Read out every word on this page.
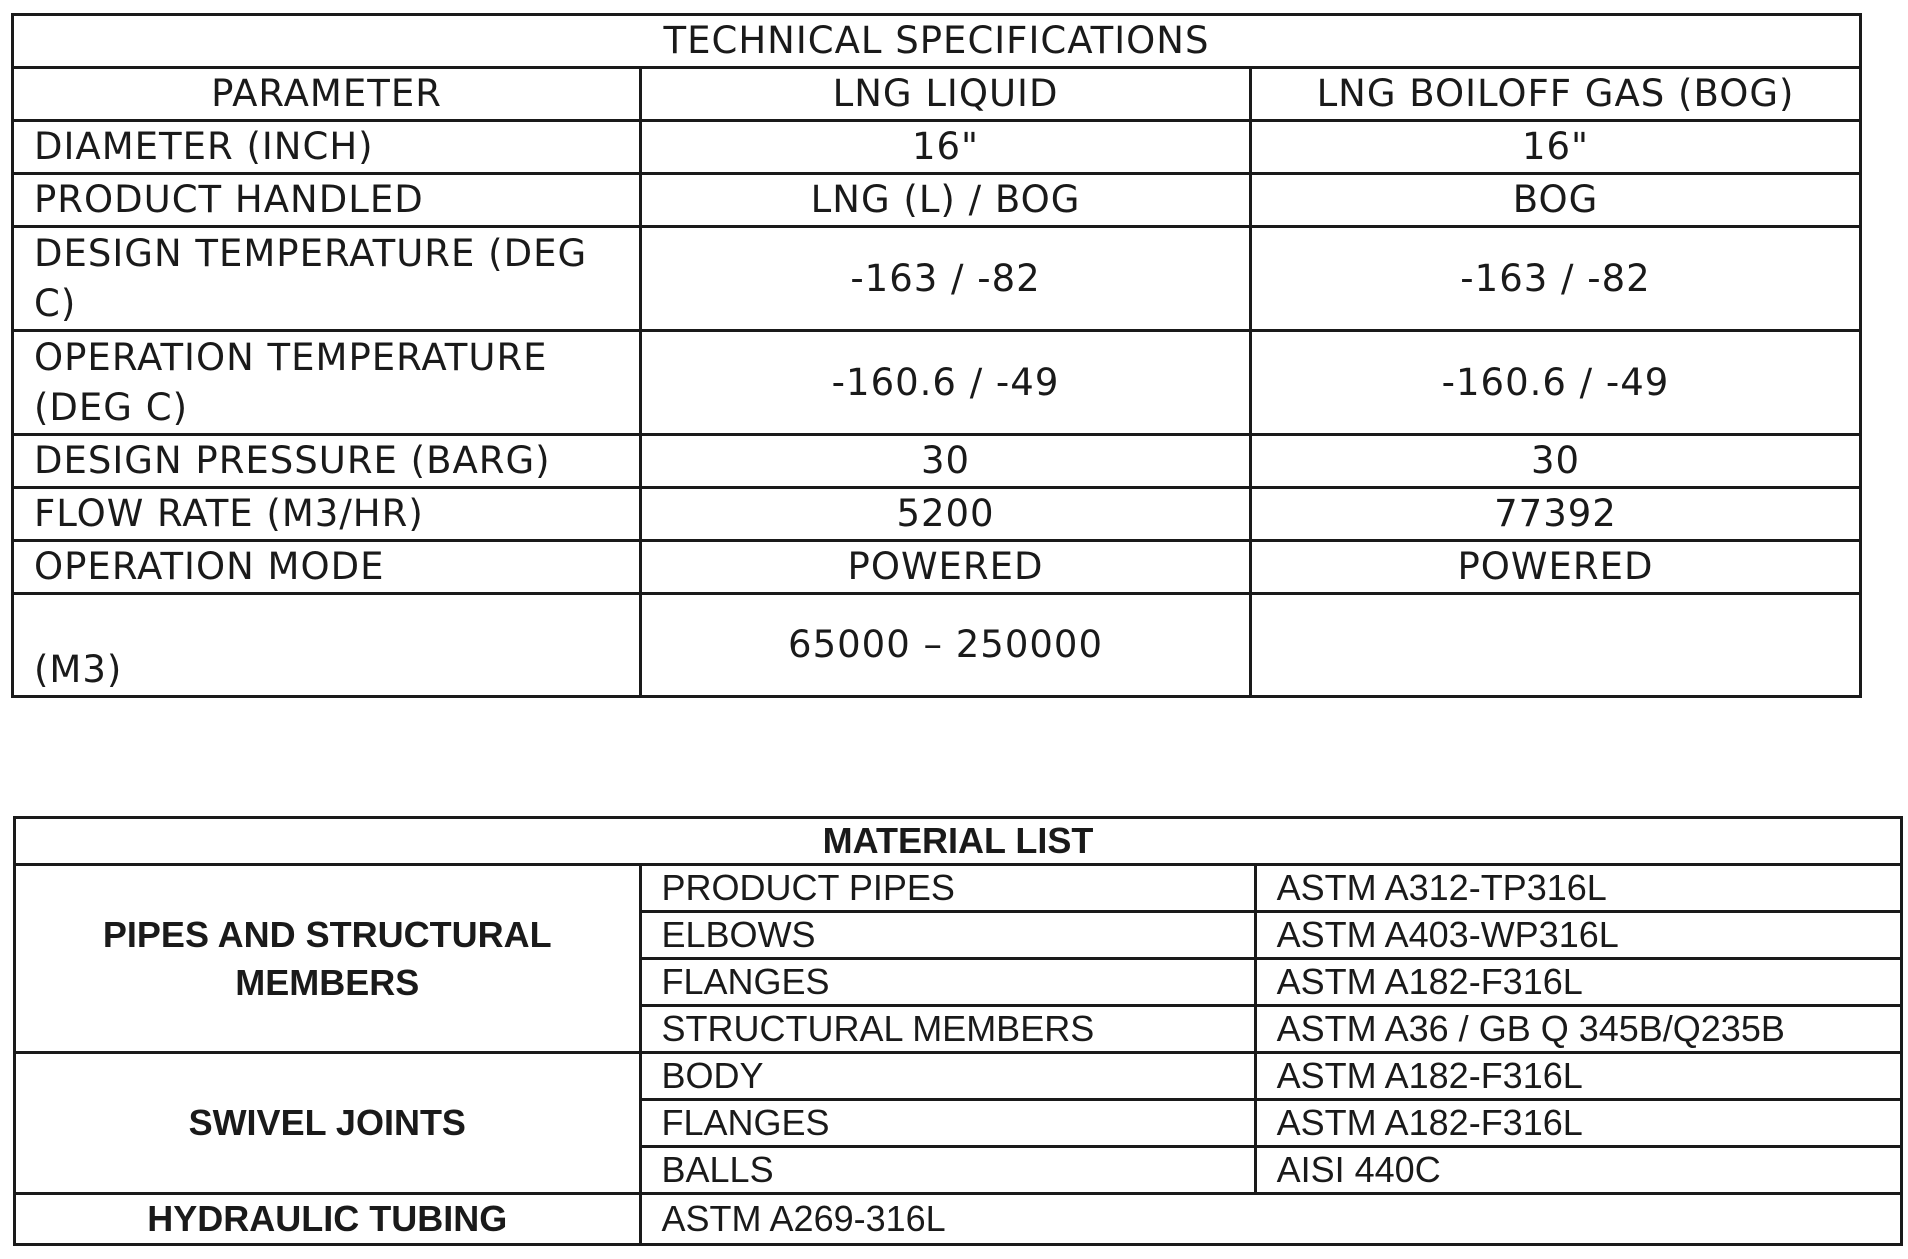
TECHNICAL SPECIFICATIONS		
PARAMETER	LNG LIQUID	LNG BOILOFF GAS (BOG)
DIAMETER (INCH)	16"	16"
PRODUCT HANDLED	LNG (L) / BOG	BOG
DESIGN TEMPERATURE (DEG C)	-163 / -82	-163 / -82
OPERATION TEMPERATURE (DEG C)	-160.6 / -49	-160.6 / -49
DESIGN PRESSURE (BARG)	30	30
FLOW RATE (M3/HR)	5200	77392
OPERATION MODE	POWERED	POWERED
(M3)	65000 – 250000	
MATERIAL LIST		
PIPES AND STRUCTURAL MEMBERS	PRODUCT PIPES	ASTM A312-TP316L
	ELBOWS	ASTM A403-WP316L
	FLANGES	ASTM A182-F316L
	STRUCTURAL MEMBERS	ASTM A36 / GB Q 345B/Q235B
SWIVEL JOINTS	BODY	ASTM A182-F316L
	FLANGES	ASTM A182-F316L
	BALLS	AISI 440C
HYDRAULIC TUBING	ASTM A269-316L	
